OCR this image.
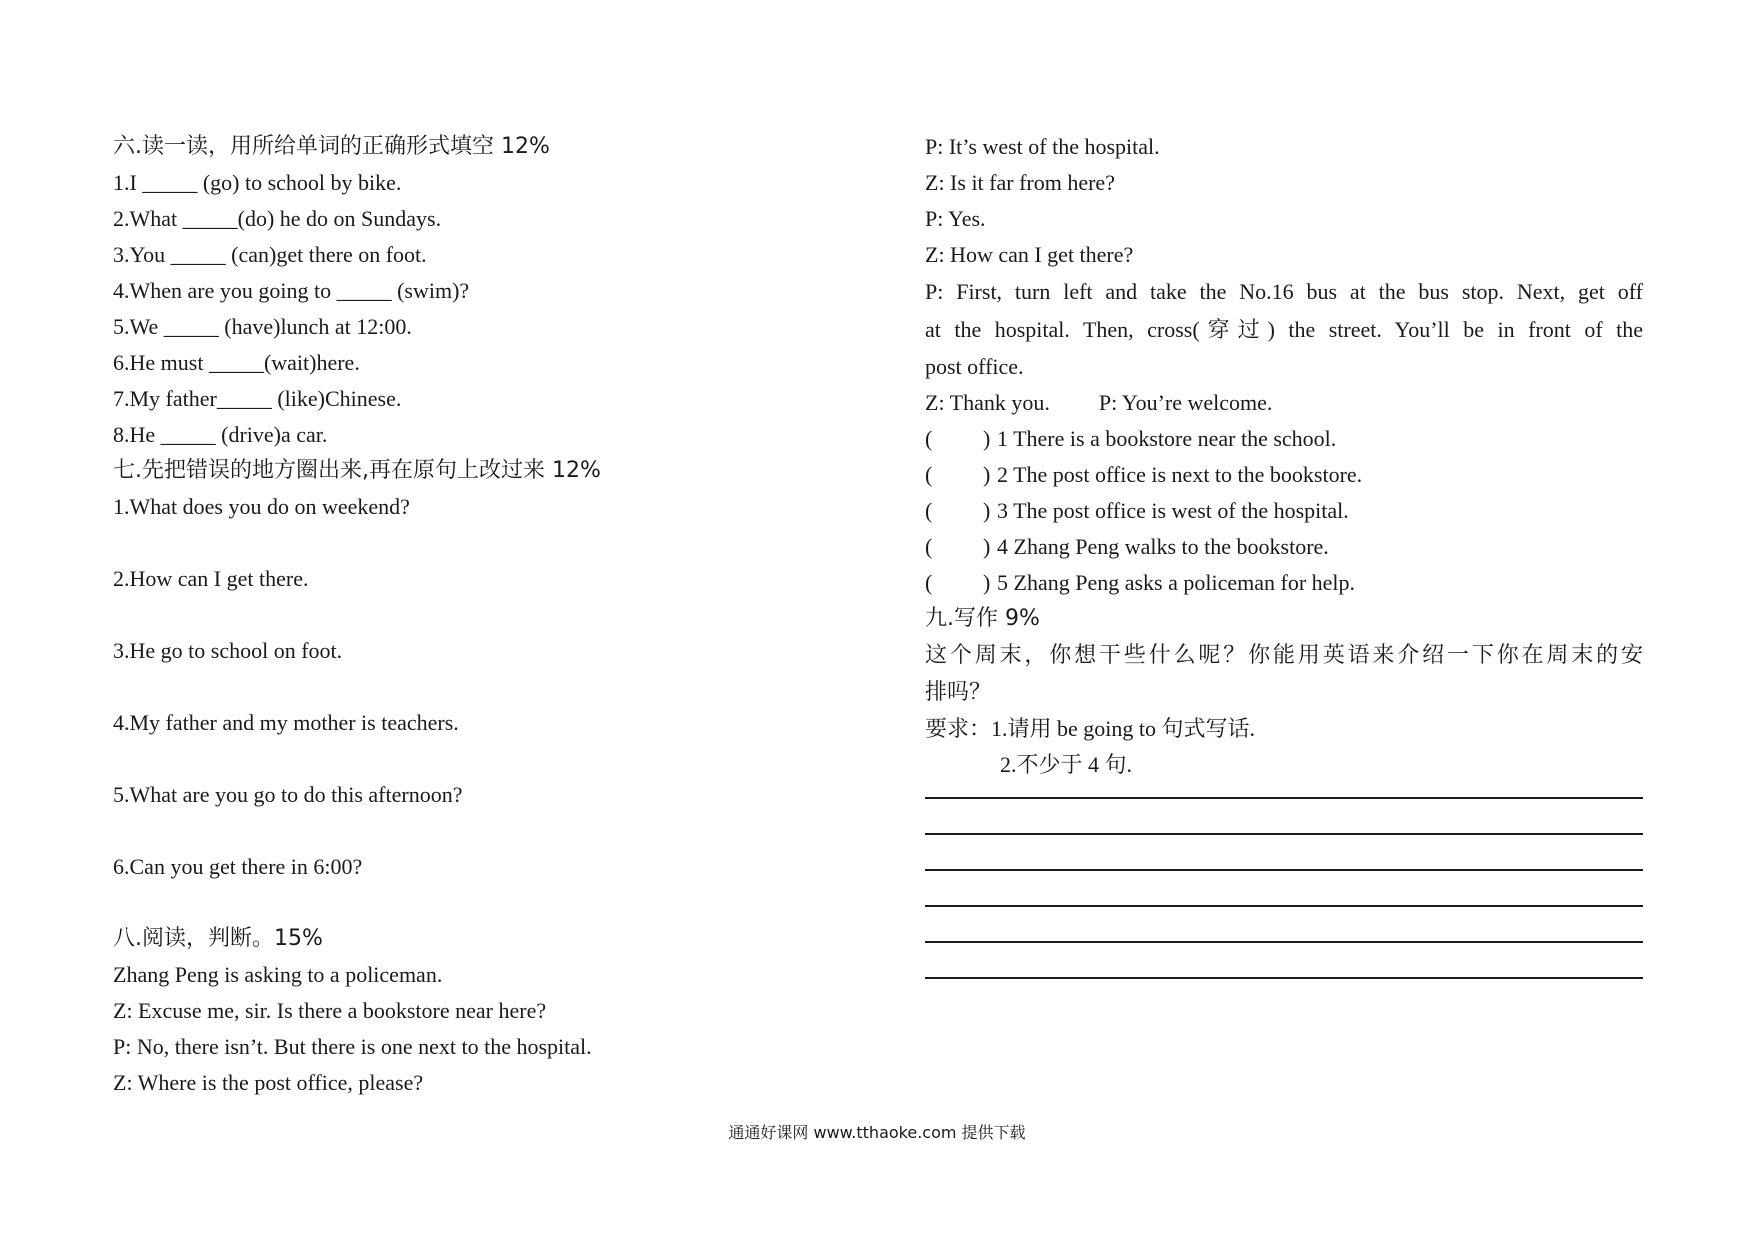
六.读一读，用所给单词的正确形式填空 12%
1.I _____ (go) to school by bike.
2.What _____(do) he do on Sundays.
3.You _____ (can)get there on foot.
4.When are you going to _____ (swim)?
5.We _____ (have)lunch at 12:00.
6.He must _____(wait)here.
7.My father_____ (like)Chinese.
8.He _____ (drive)a car.
七.先把错误的地方圈出来,再在原句上改过来 12%
1.What does you do on weekend?
2.How can I get there.
3.He go to school on foot.
4.My father and my mother is teachers.
5.What are you go to do this afternoon?
6.Can you get there in 6:00?
八.阅读，判断。15%
Zhang Peng is asking to a policeman.
Z: Excuse me, sir. Is there a bookstore near here?
P: No, there isn’t. But there is one next to the hospital.
Z: Where is the post office, please?
P: It’s west of the hospital.
Z: Is it far from here?
P: Yes.
Z: How can I get there?
P: First, turn left and take the No.16 bus at the bus stop. Next, get off
at the hospital. Then, cross(穿过) the street. You’ll be in front of the
post office.
Z: Thank you. P: You’re welcome.
(	) 1 There is a bookstore near the school.
(	) 2 The post office is next to the bookstore.
(	) 3 The post office is west of the hospital.
(	) 4 Zhang Peng walks to the bookstore.
(	) 5 Zhang Peng asks a policeman for help.
九.写作 9%
这个周末，你想干些什么呢？你能用英语来介绍一下你在周末的安
排吗？
要求：1.请用 be going to 句式写话.
2.不少于 4 句.
通通好课网 www.tthaoke.com 提供下载
